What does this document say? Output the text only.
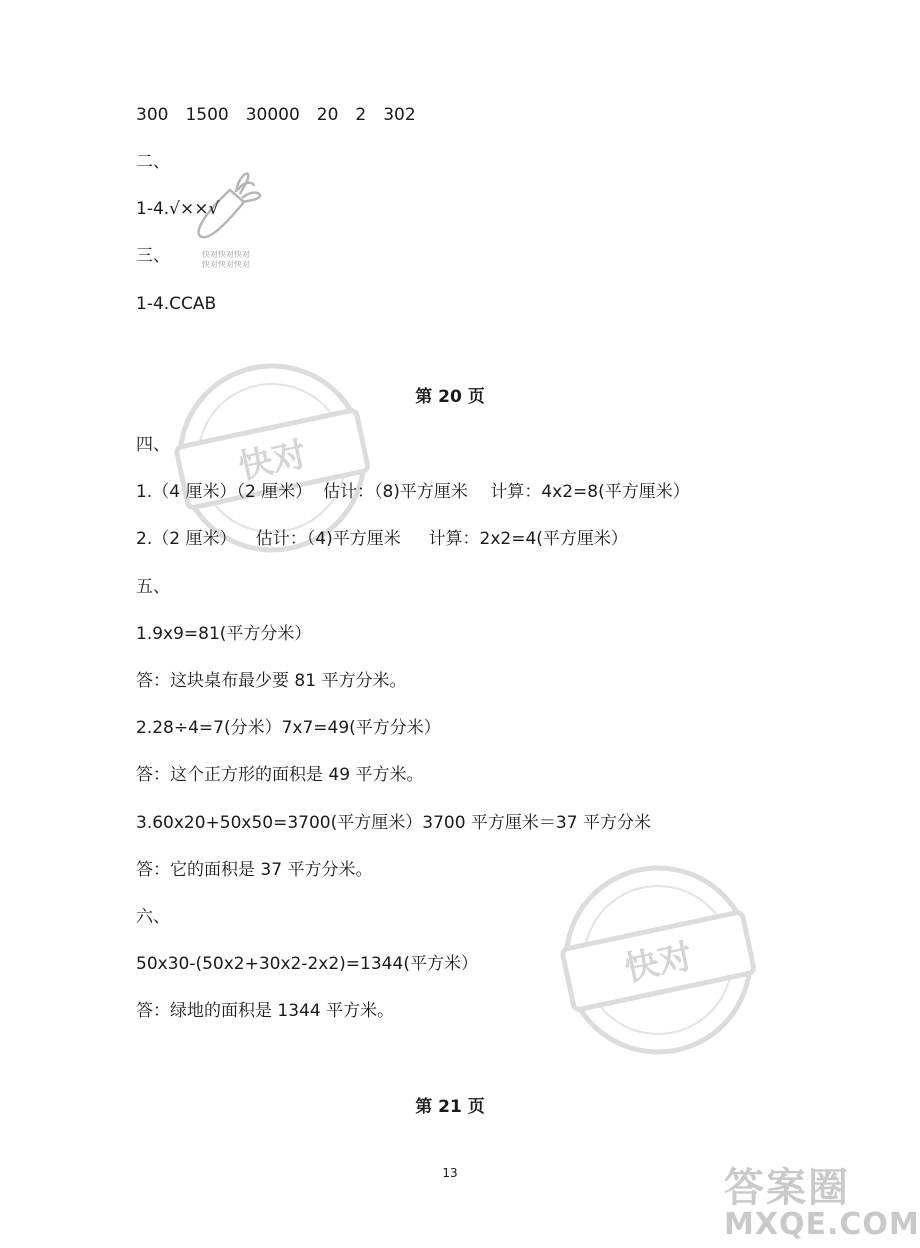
快对
快对
快对快对快对
快对快对快对
300　1500　30000　20　2　302
二、
1-4.√××√
三、
1-4.CCAB
第 20 页
四、
1.（4 厘米）（2 厘米）  估计：（8)平方厘米　 计算：4x2=8(平方厘米）
2.（2 厘米）　  估计：（4)平方厘米　  计算：2x2=4(平方厘米）
五、
1.9x9=81(平方分米）
答：这块桌布最少要 81 平方分米。
2.28÷4=7(分米）7x7=49(平方分米）
答：这个正方形的面积是 49 平方米。
3.60x20+50x50=3700(平方厘米）3700 平方厘米＝37 平方分米
答：它的面积是 37 平方分米。
六、
50x30-(50x2+30x2-2x2)=1344(平方米）
答：绿地的面积是 1344 平方米。
第 21 页
13	答案圈
MXQE.COM
